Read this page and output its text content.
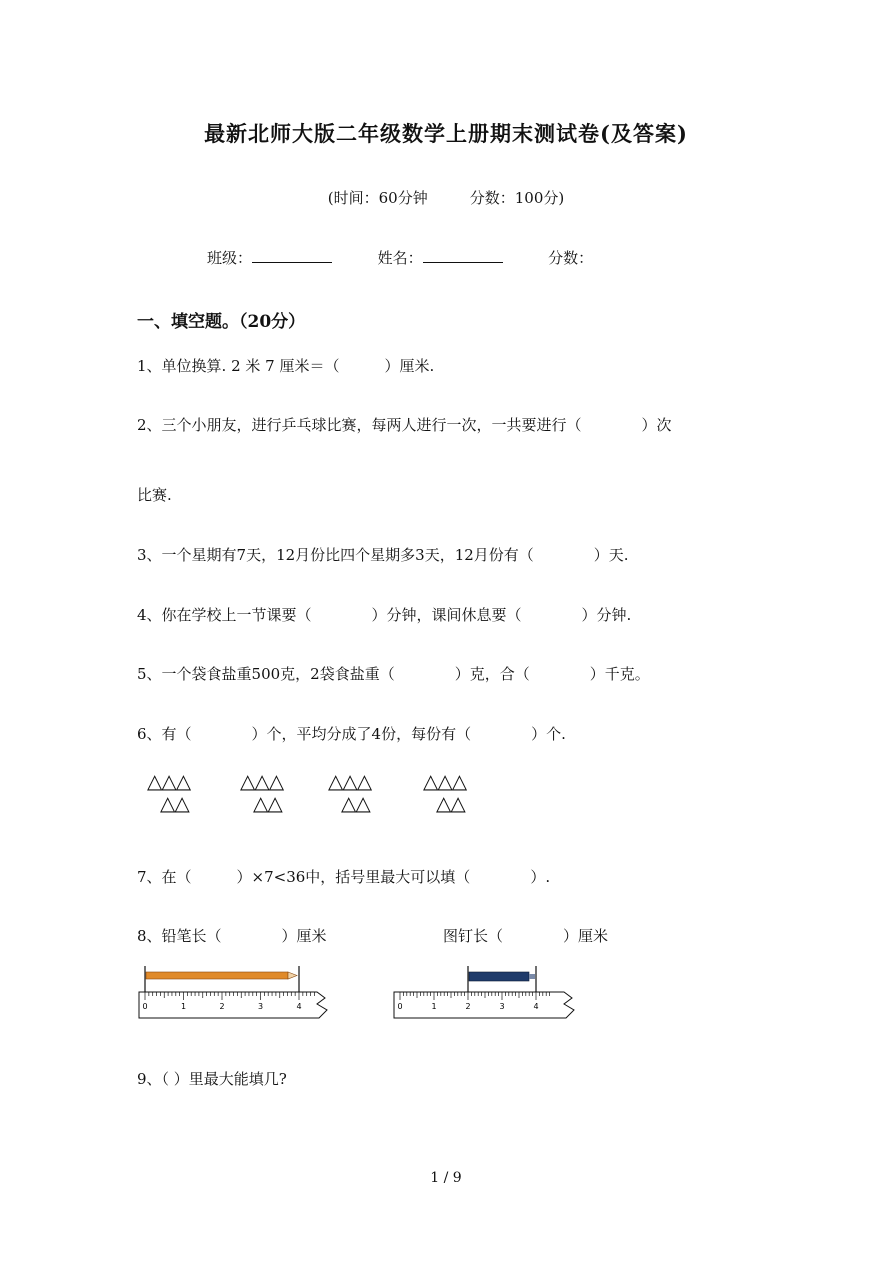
最新北师大版二年级数学上册期末测试卷(及答案)
(时间：60分钟	分数：100分)
班级：	姓名：	分数：
一、填空题。（20分）
1、单位换算. 2 米 7 厘米＝（　　　）厘米.
2、三个小朋友，进行乒乓球比赛，每两人进行一次，一共要进行（　　　　）次
比赛.
3、一个星期有7天，12月份比四个星期多3天，12月份有（　　　　）天.
4、你在学校上一节课要（　　　　）分钟，课间休息要（　　　　）分钟.
5、一个袋食盐重500克，2袋食盐重（　　　　）克，合（　　　　）千克。
6、有（　　　　）个，平均分成了4份，每份有（　　　　）个.
△△△
△△
△△△
△△
△△△
△△
△△△
△△
7、在（　　　）×7<36中，括号里最大可以填（　　　　）.
8、铅笔长（　　　　）厘米	图钉长（　　　　）厘米
0	1	2	3	4	0	1	2	3	4
9、（ ）里最大能填几?
1 / 9
